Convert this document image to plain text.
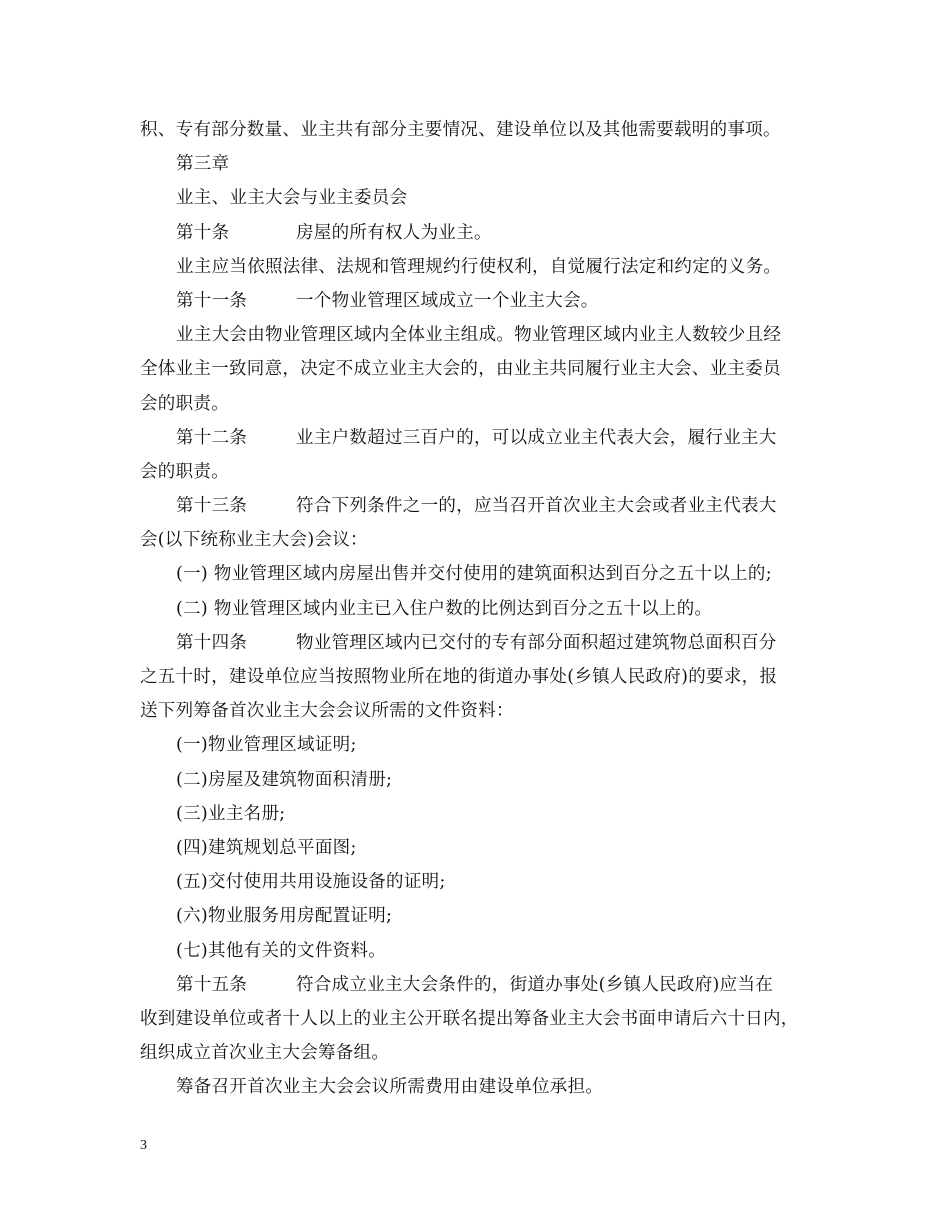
积、专有部分数量、业主共有部分主要情况、建设单位以及其他需要载明的事项。
第三章
业主、业主大会与业主委员会
第十条	房屋的所有权人为业主。
业主应当依照法律、法规和管理规约行使权利，自觉履行法定和约定的义务。
第十一条	一个物业管理区域成立一个业主大会。
业主大会由物业管理区域内全体业主组成。物业管理区域内业主人数较少且经
全体业主一致同意，决定不成立业主大会的，由业主共同履行业主大会、业主委员
会的职责。
第十二条	业主户数超过三百户的，可以成立业主代表大会，履行业主大
会的职责。
第十三条	符合下列条件之一的，应当召开首次业主大会或者业主代表大
会(以下统称业主大会)会议：
(一) 物业管理区域内房屋出售并交付使用的建筑面积达到百分之五十以上的;
(二) 物业管理区域内业主已入住户数的比例达到百分之五十以上的。
第十四条	物业管理区域内已交付的专有部分面积超过建筑物总面积百分
之五十时，建设单位应当按照物业所在地的街道办事处(乡镇人民政府)的要求，报
送下列筹备首次业主大会会议所需的文件资料：
(一)物业管理区域证明;
(二)房屋及建筑物面积清册;
(三)业主名册;
(四)建筑规划总平面图;
(五)交付使用共用设施设备的证明;
(六)物业服务用房配置证明;
(七)其他有关的文件资料。
第十五条	符合成立业主大会条件的，街道办事处(乡镇人民政府)应当在
收到建设单位或者十人以上的业主公开联名提出筹备业主大会书面申请后六十日内，
组织成立首次业主大会筹备组。
筹备召开首次业主大会会议所需费用由建设单位承担。
3
